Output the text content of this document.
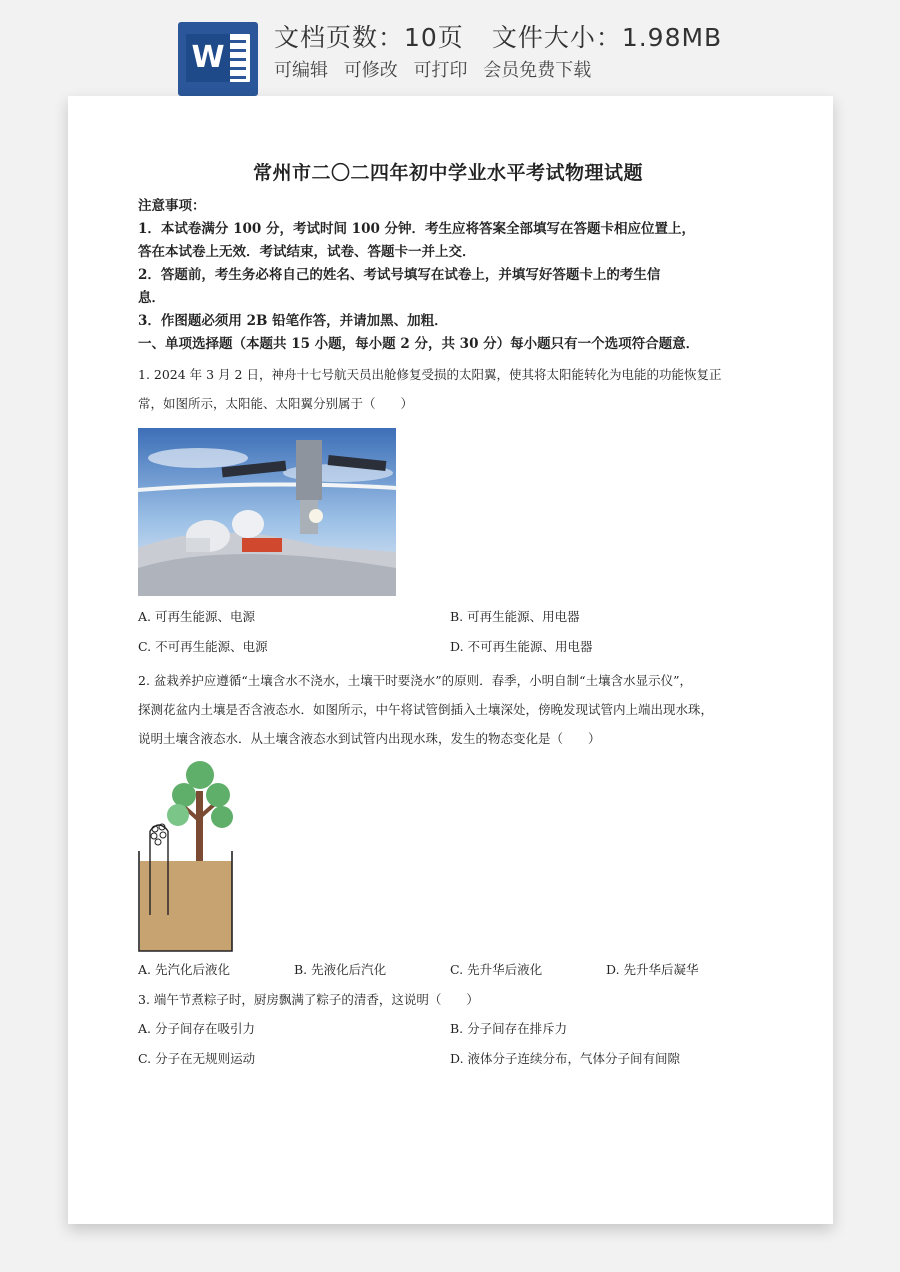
W
文档页数：10页 文件大小：1.98MB
可编辑 可修改 可打印 会员免费下载
常州市二〇二四年初中学业水平考试物理试题

注意事项：

1．本试卷满分 100 分，考试时间 100 分钟．考生应将答案全部填写在答题卡相应位置上，

答在本试卷上无效．考试结束，试卷、答题卡一并上交．

2．答题前，考生务必将自己的姓名、考试号填写在试卷上，并填写好答题卡上的考生信

息．

3．作图题必须用 2B 铅笔作答，并请加黑、加粗．

一、单项选择题（本题共 15 小题，每小题 2 分，共 30 分）每小题只有一个选项符合题意．

1. 2024 年 3 月 2 日，神舟十七号航天员出舱修复受损的太阳翼，使其将太阳能转化为电能的功能恢复正

常，如图所示，太阳能、太阳翼分别属于（　　）

A. 可再生能源、电源	B. 可再生能源、用电器
C. 不可再生能源、电源	D. 不可再生能源、用电器

2. 盆栽养护应遵循“土壤含水不浇水，土壤干时要浇水”的原则．春季，小明自制“土壤含水显示仪”，

探测花盆内土壤是否含液态水．如图所示，中午将试管倒插入土壤深处，傍晚发现试管内上端出现水珠，

说明土壤含液态水．从土壤含液态水到试管内出现水珠，发生的物态变化是（　　）

A. 先汽化后液化	B. 先液化后汽化	C. 先升华后液化	D. 先升华后凝华

3. 端午节煮粽子时，厨房飘满了粽子的清香，这说明（　　）

A. 分子间存在吸引力	B. 分子间存在排斥力
C. 分子在无规则运动	D. 液体分子连续分布，气体分子间有间隙
